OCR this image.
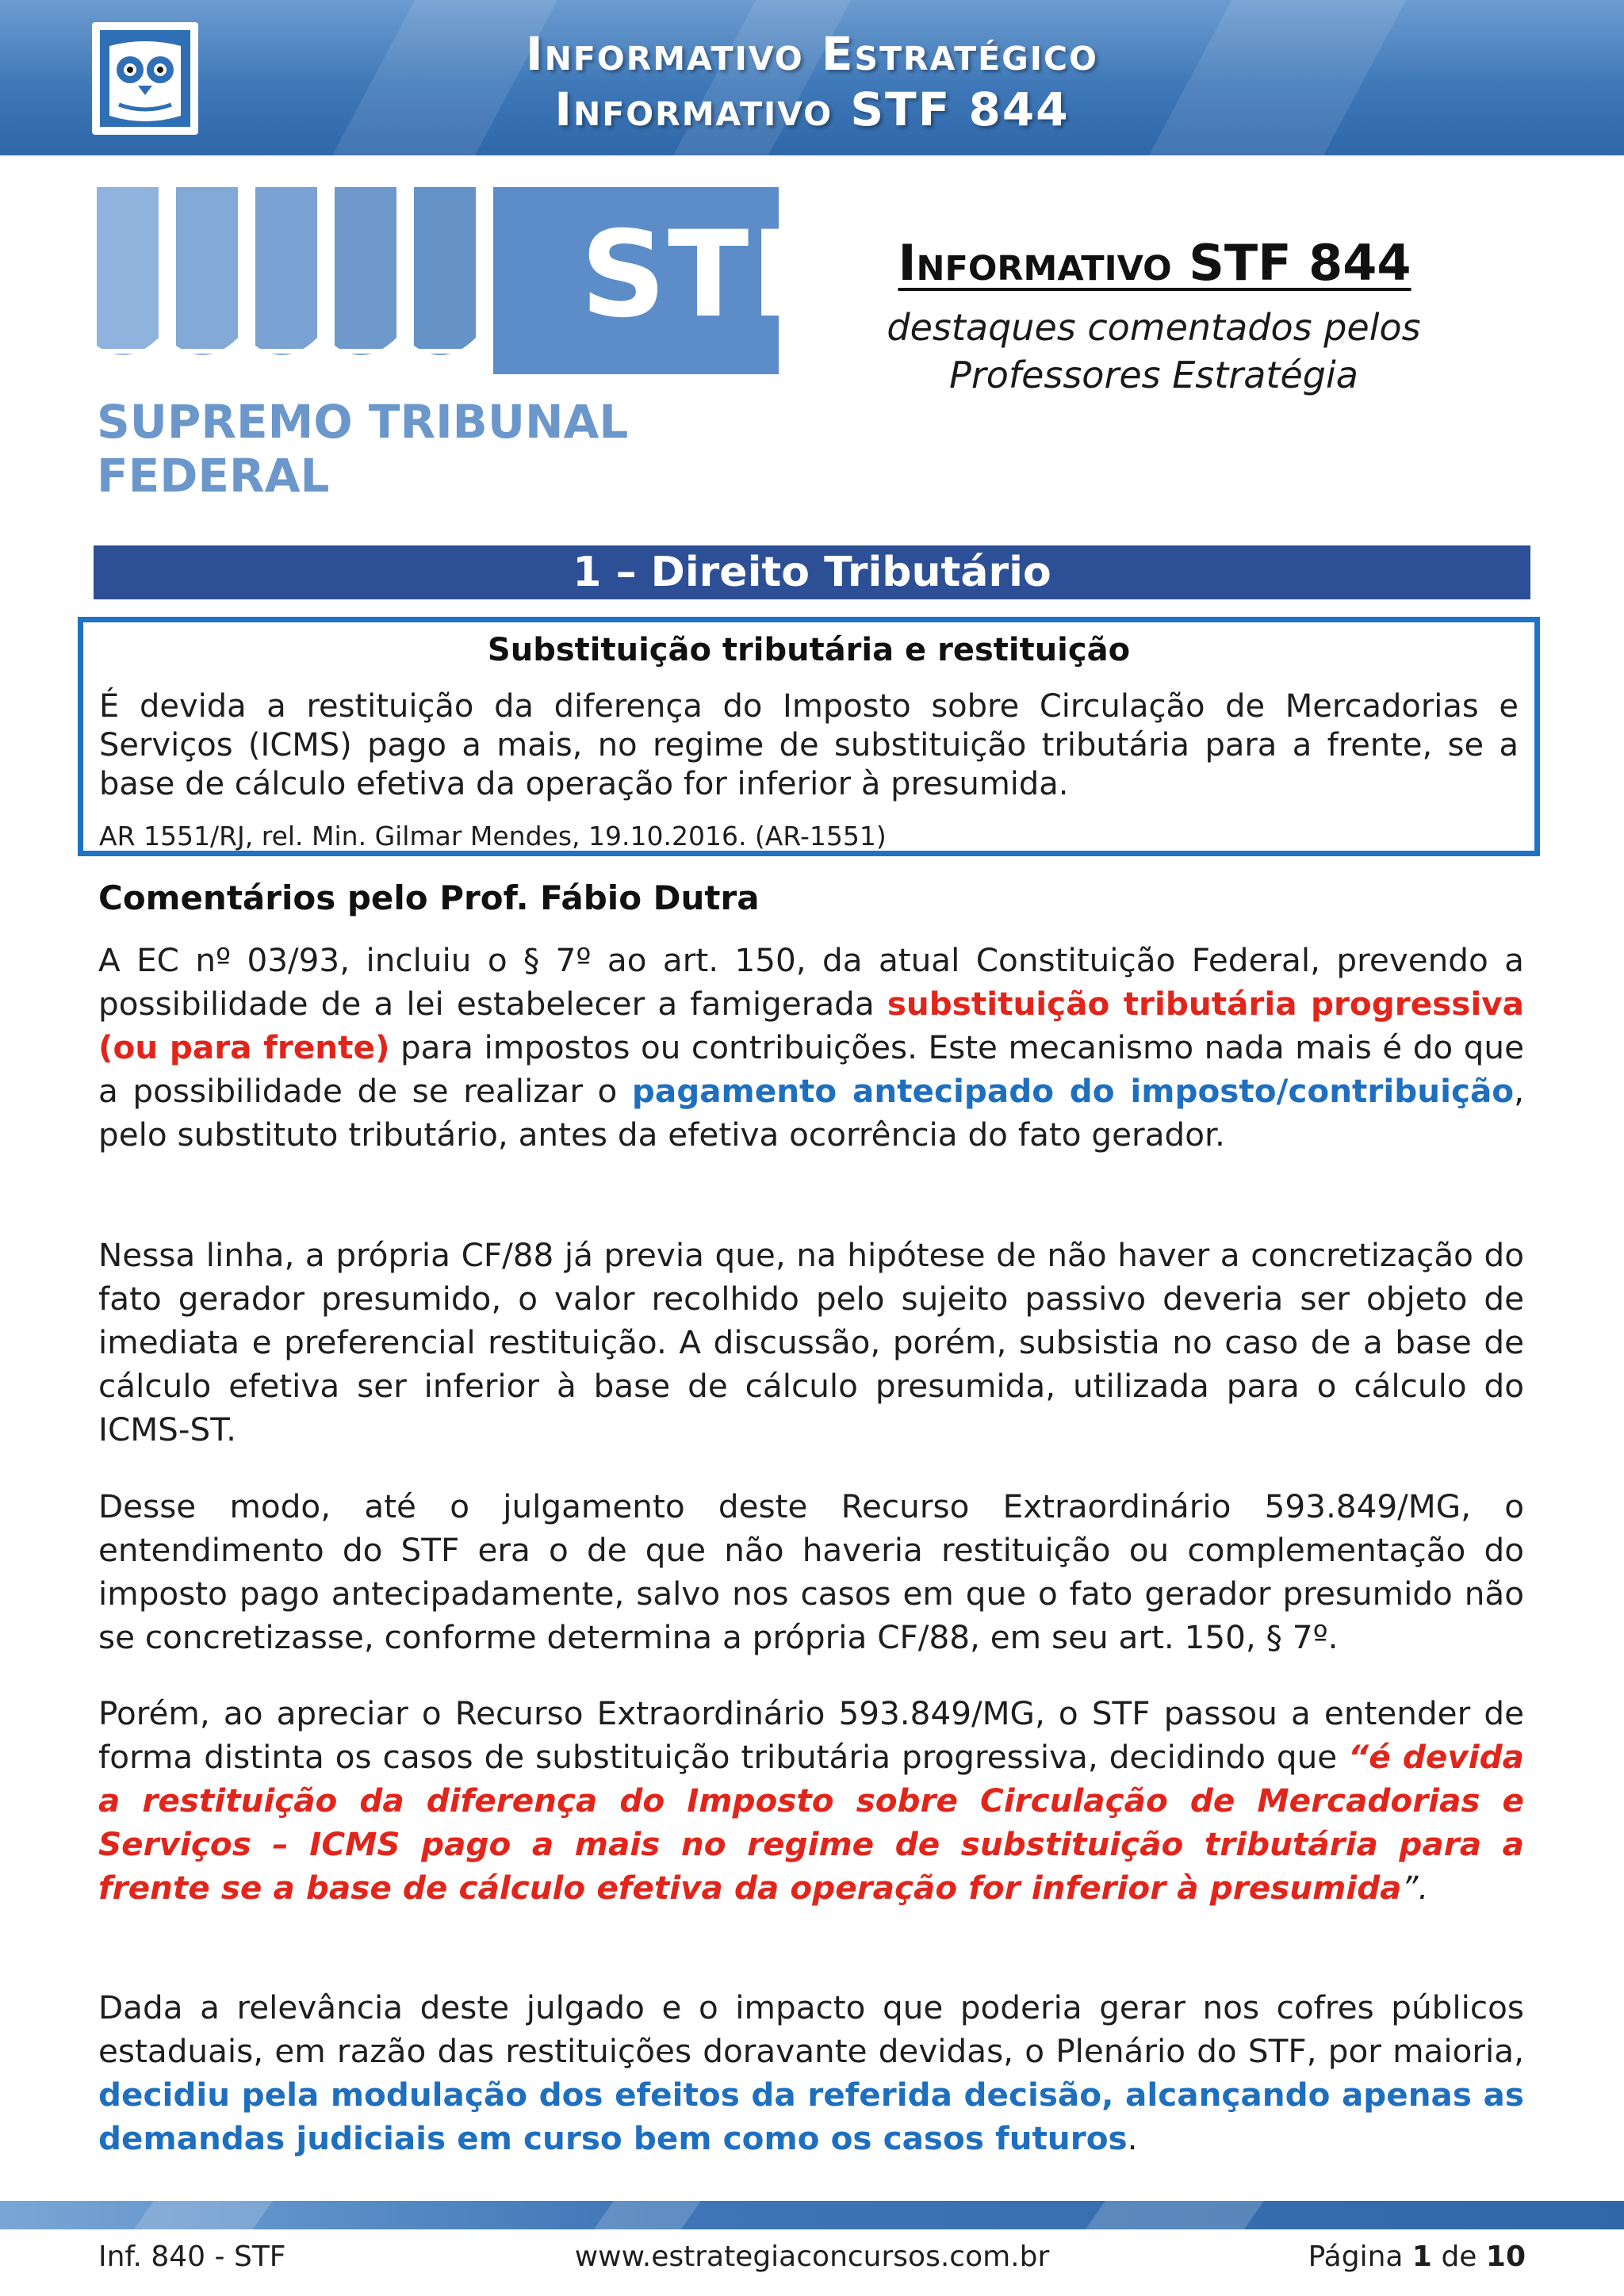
Informativo Estratégico
Informativo STF 844
STF
SUPREMO TRIBUNAL FEDERAL
Informativo STF 844
destaques comentados pelos
Professores Estratégia
1 – Direito Tributário
Substituição tributária e restituição
É devida a restituição da diferença do Imposto sobre Circulação de Mercadorias e Serviços (ICMS) pago a mais, no regime de substituição tributária para a frente, se a base de cálculo efetiva da operação for inferior à presumida.
AR 1551/RJ, rel. Min. Gilmar Mendes, 19.10.2016. (AR-1551)
Comentários pelo Prof. Fábio Dutra
A EC nº 03/93, incluiu o § 7º ao art. 150, da atual Constituição Federal, prevendo a possibilidade de a lei estabelecer a famigerada substituição tributária progressiva (ou para frente) para impostos ou contribuições. Este mecanismo nada mais é do que a possibilidade de se realizar o pagamento antecipado do imposto/contribuição, pelo substituto tributário, antes da efetiva ocorrência do fato gerador.
Nessa linha, a própria CF/88 já previa que, na hipótese de não haver a concretização do fato gerador presumido, o valor recolhido pelo sujeito passivo deveria ser objeto de imediata e preferencial restituição. A discussão, porém, subsistia no caso de a base de cálculo efetiva ser inferior à base de cálculo presumida, utilizada para o cálculo do ICMS-ST.
Desse modo, até o julgamento deste Recurso Extraordinário 593.849/MG, o entendimento do STF era o de que não haveria restituição ou complementação do imposto pago antecipadamente, salvo nos casos em que o fato gerador presumido não se concretizasse, conforme determina a própria CF/88, em seu art. 150, § 7º.
Porém, ao apreciar o Recurso Extraordinário 593.849/MG, o STF passou a entender de forma distinta os casos de substituição tributária progressiva, decidindo que “é devida a restituição da diferença do Imposto sobre Circulação de Mercadorias e Serviços – ICMS pago a mais no regime de substituição tributária para a frente se a base de cálculo efetiva da operação for inferior à presumida”.
Dada a relevância deste julgado e o impacto que poderia gerar nos cofres públicos estaduais, em razão das restituições doravante devidas, o Plenário do STF, por maioria, decidiu pela modulação dos efeitos da referida decisão, alcançando apenas as demandas judiciais em curso bem como os casos futuros.
Inf. 840 - STF	www.estrategiaconcursos.com.br	Página 1 de 10
